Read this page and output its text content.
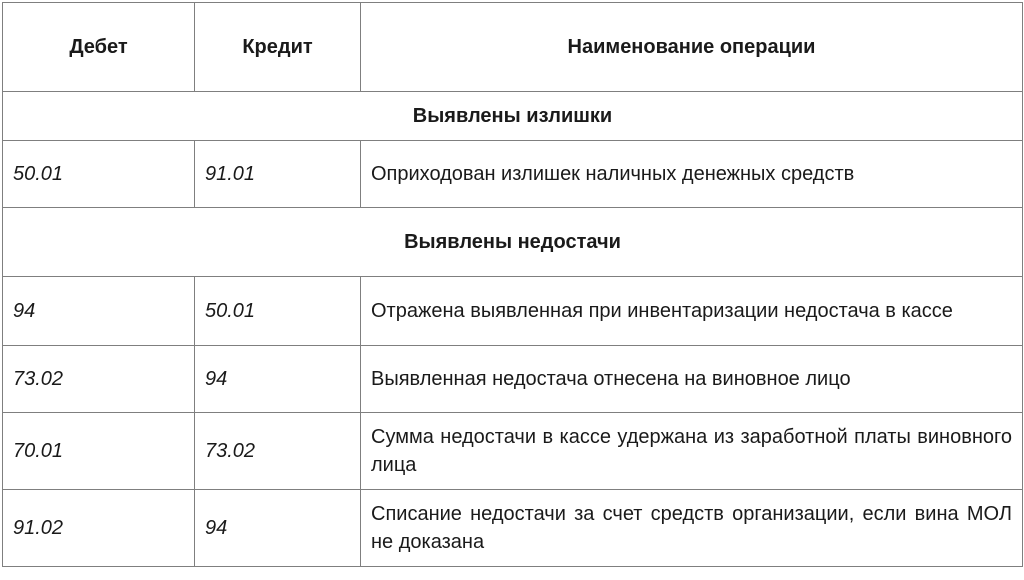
Дебет	Кредит	Наименование операции
Выявлены излишки		
50.01	91.01	Оприходован излишек наличных денежных средств
Выявлены недостачи		
94	50.01	Отражена выявленная при инвентаризации недостача в кассе
73.02	94	Выявленная недостача отнесена на виновное лицо
70.01	73.02	Сумма недостачи в кассе удержана из заработной платы виновного лица
91.02	94	Списание недостачи за счет средств организации, если вина МОЛ не доказана
